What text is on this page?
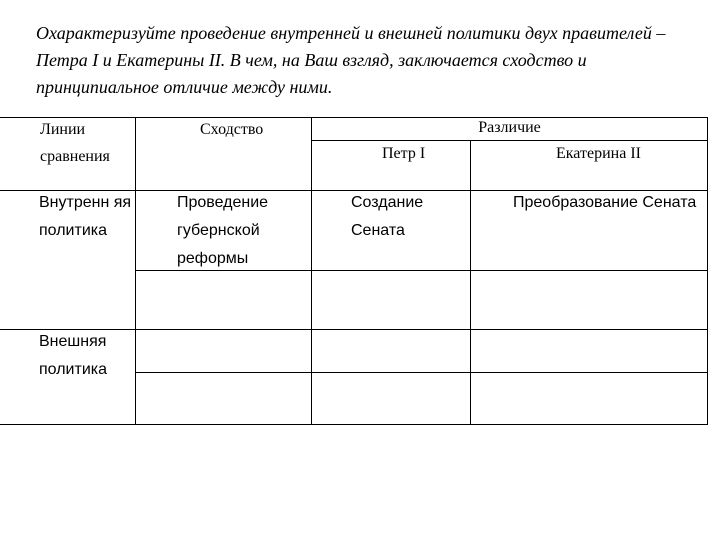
Охарактеризуйте проведение внутренней и внешней политики двух правителей – Петра I и Екатерины II. В чем, на Ваш взгляд, заключается сходство и принципиальное отличие между ними.

Линии сравнения
Сходство	Различие
Петр I	Екатерина II
Внутренн яя политика
Проведение губернской реформы
Создание Сената
Преобразование Сената
Внешняя политика
